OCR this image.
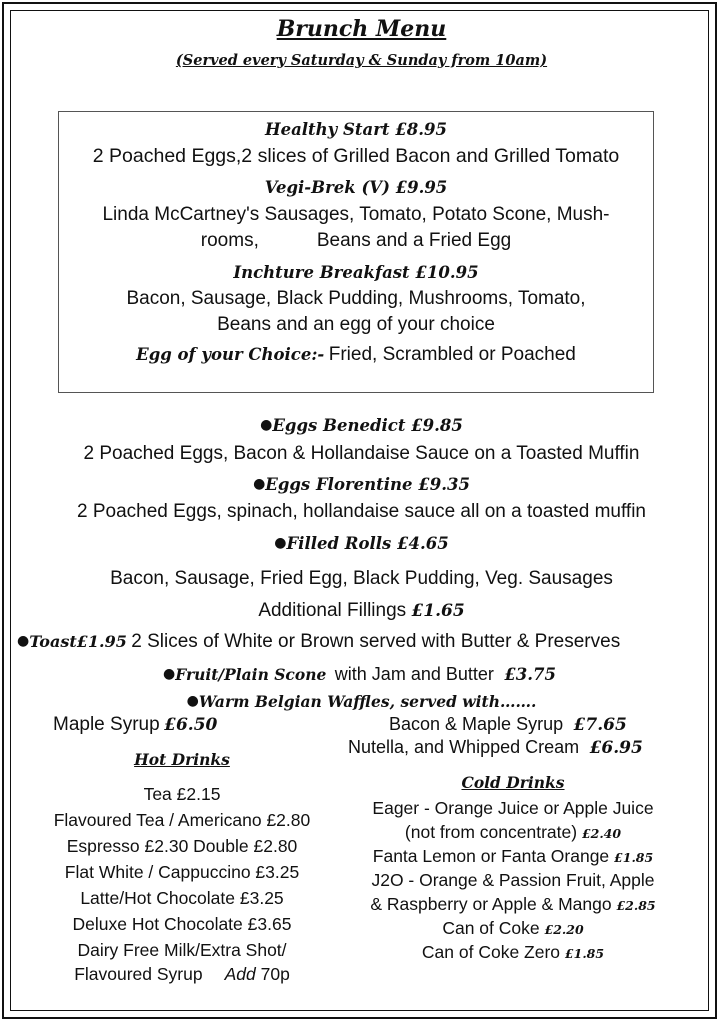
Brunch Menu
(Served every Saturday & Sunday from 10am)
Healthy Start £8.95
2 Poached Eggs,2 slices of Grilled Bacon and Grilled Tomato
Vegi-Brek (V) £9.95
Linda McCartney's Sausages, Tomato, Potato Scone, Mush-
rooms,	Beans and a Fried Egg
Inchture Breakfast £10.95
Bacon, Sausage, Black Pudding, Mushrooms, Tomato,
Beans and an egg of your choice
Egg of your Choice:- Fried, Scrambled or Poached
●Eggs Benedict £9.85
2 Poached Eggs, Bacon & Hollandaise Sauce on a Toasted Muffin
●Eggs Florentine £9.35
2 Poached Eggs, spinach, hollandaise sauce all on a toasted muffin
●Filled Rolls £4.65
Bacon, Sausage, Fried Egg, Black Pudding, Veg. Sausages
Additional Fillings £1.65
●Toast£1.95 2 Slices of White or Brown served with Butter & Preserves
●Fruit/Plain Scone with Jam and Butter £3.75
●Warm Belgian Waffles, served with…….
Maple Syrup £6.50	Bacon & Maple Syrup £7.65
Nutella, and Whipped Cream £6.95
Hot Drinks
Tea £2.15
Flavoured Tea / Americano £2.80
Espresso £2.30 Double £2.80
Flat White / Cappuccino £3.25
Latte/Hot Chocolate £3.25
Deluxe Hot Chocolate £3.65
Dairy Free Milk/Extra Shot/
Flavoured Syrup Add 70p
Cold Drinks
Eager - Orange Juice or Apple Juice
(not from concentrate) £2.40
Fanta Lemon or Fanta Orange £1.85
J2O - Orange & Passion Fruit, Apple
& Raspberry or Apple & Mango £2.85
Can of Coke £2.20
Can of Coke Zero £1.85
